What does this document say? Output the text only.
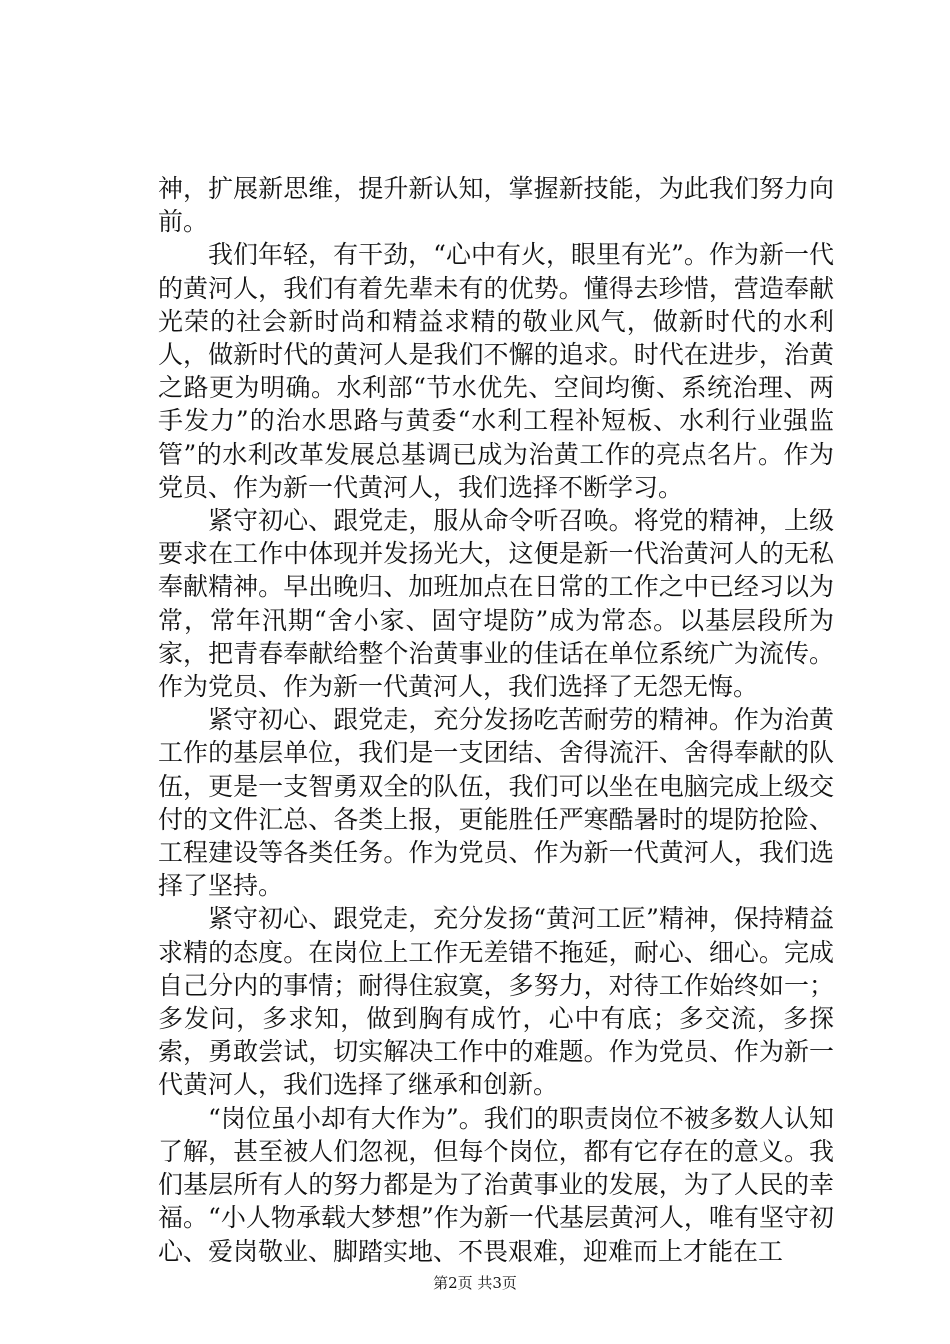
神，扩展新思维，提升新认知，掌握新技能，为此我们努力向前。

我们年轻，有干劲，“心中有火，眼里有光”。作为新一代的黄河人，我们有着先辈未有的优势。懂得去珍惜，营造奉献光荣的社会新时尚和精益求精的敬业风气，做新时代的水利人，做新时代的黄河人是我们不懈的追求。时代在进步，治黄之路更为明确。水利部“节水优先、空间均衡、系统治理、两手发力”的治水思路与黄委“水利工程补短板、水利行业强监管”的水利改革发展总基调已成为治黄工作的亮点名片。作为党员、作为新一代黄河人，我们选择不断学习。

紧守初心、跟党走，服从命令听召唤。将党的精神，上级要求在工作中体现并发扬光大，这便是新一代治黄河人的无私奉献精神。早出晚归、加班加点在日常的工作之中已经习以为常，常年汛期“舍小家、固守堤防”成为常态。以基层段所为家，把青春奉献给整个治黄事业的佳话在单位系统广为流传。作为党员、作为新一代黄河人，我们选择了无怨无悔。

紧守初心、跟党走，充分发扬吃苦耐劳的精神。作为治黄工作的基层单位，我们是一支团结、舍得流汗、舍得奉献的队伍，更是一支智勇双全的队伍，我们可以坐在电脑完成上级交付的文件汇总、各类上报，更能胜任严寒酷暑时的堤防抢险、工程建设等各类任务。作为党员、作为新一代黄河人，我们选择了坚持。

紧守初心、跟党走，充分发扬“黄河工匠”精神，保持精益求精的态度。在岗位上工作无差错不拖延，耐心、细心。完成自己分内的事情；耐得住寂寞，多努力，对待工作始终如一；多发问，多求知，做到胸有成竹，心中有底；多交流，多探索，勇敢尝试，切实解决工作中的难题。作为党员、作为新一代黄河人，我们选择了继承和创新。

“岗位虽小却有大作为”。我们的职责岗位不被多数人认知了解，甚至被人们忽视，但每个岗位，都有它存在的意义。我们基层所有人的努力都是为了治黄事业的发展，为了人民的幸福。“小人物承载大梦想”作为新一代基层黄河人，唯有坚守初心、爱岗敬业、脚踏实地、不畏艰难，迎难而上才能在工

第2页 共3页
